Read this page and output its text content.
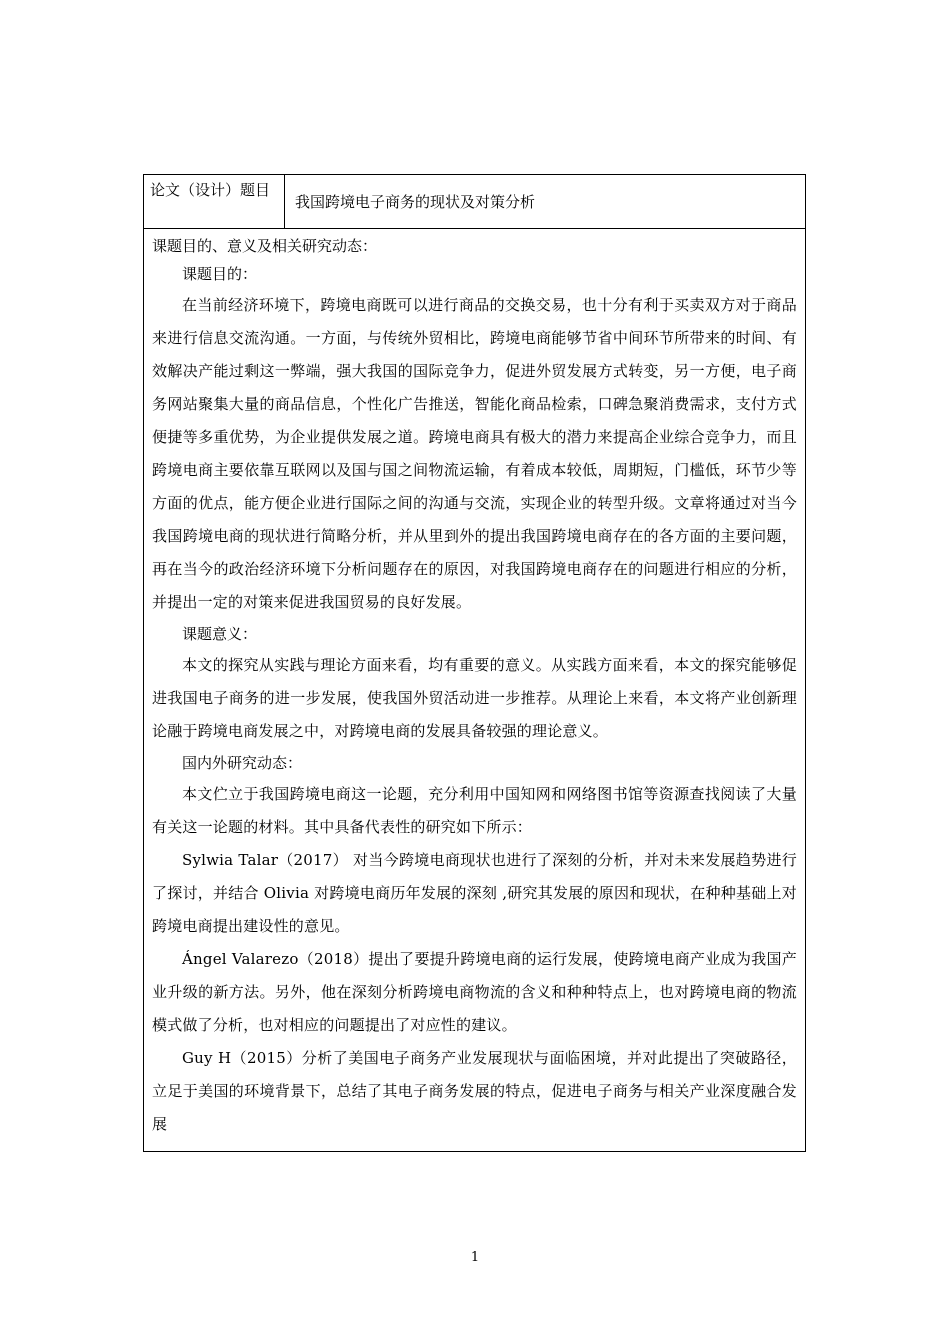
论文（设计）题目
我国跨境电子商务的现状及对策分析

课题目的、意义及相关研究动态：

课题目的：

在当前经济环境下，跨境电商既可以进行商品的交换交易，也十分有利于买卖双方对于商品来进行信息交流沟通。一方面，与传统外贸相比，跨境电商能够节省中间环节所带来的时间、有效解决产能过剩这一弊端，强大我国的国际竞争力，促进外贸发展方式转变，另一方便，电子商务网站聚集大量的商品信息，个性化广告推送，智能化商品检索，口碑急聚消费需求，支付方式便捷等多重优势，为企业提供发展之道。跨境电商具有极大的潜力来提高企业综合竞争力，而且跨境电商主要依靠互联网以及国与国之间物流运输，有着成本较低，周期短，门槛低，环节少等方面的优点，能方便企业进行国际之间的沟通与交流，实现企业的转型升级。文章将通过对当今我国跨境电商的现状进行简略分析，并从里到外的提出我国跨境电商存在的各方面的主要问题，再在当今的政治经济环境下分析问题存在的原因，对我国跨境电商存在的问题进行相应的分析，并提出一定的对策来促进我国贸易的良好发展。

课题意义：

本文的探究从实践与理论方面来看，均有重要的意义。从实践方面来看，本文的探究能够促进我国电子商务的进一步发展，使我国外贸活动进一步推荐。从理论上来看，本文将产业创新理论融于跨境电商发展之中，对跨境电商的发展具备较强的理论意义。

国内外研究动态：

本文伫立于我国跨境电商这一论题，充分利用中国知网和网络图书馆等资源查找阅读了大量有关这一论题的材料。其中具备代表性的研究如下所示：

Sylwia Talar（2017） 对当今跨境电商现状也进行了深刻的分析，并对未来发展趋势进行了探讨，并结合 Olivia 对跨境电商历年发展的深刻 ,研究其发展的原因和现状，在种种基础上对跨境电商提出建设性的意见。

Ángel Valarezo（2018）提出了要提升跨境电商的运行发展，使跨境电商产业成为我国产业升级的新方法。另外，他在深刻分析跨境电商物流的含义和种种特点上，也对跨境电商的物流模式做了分析，也对相应的问题提出了对应性的建议。

Guy H（2015）分析了美国电子商务产业发展现状与面临困境，并对此提出了突破路径，立足于美国的环境背景下，总结了其电子商务发展的特点，促进电子商务与相关产业深度融合发展

1
